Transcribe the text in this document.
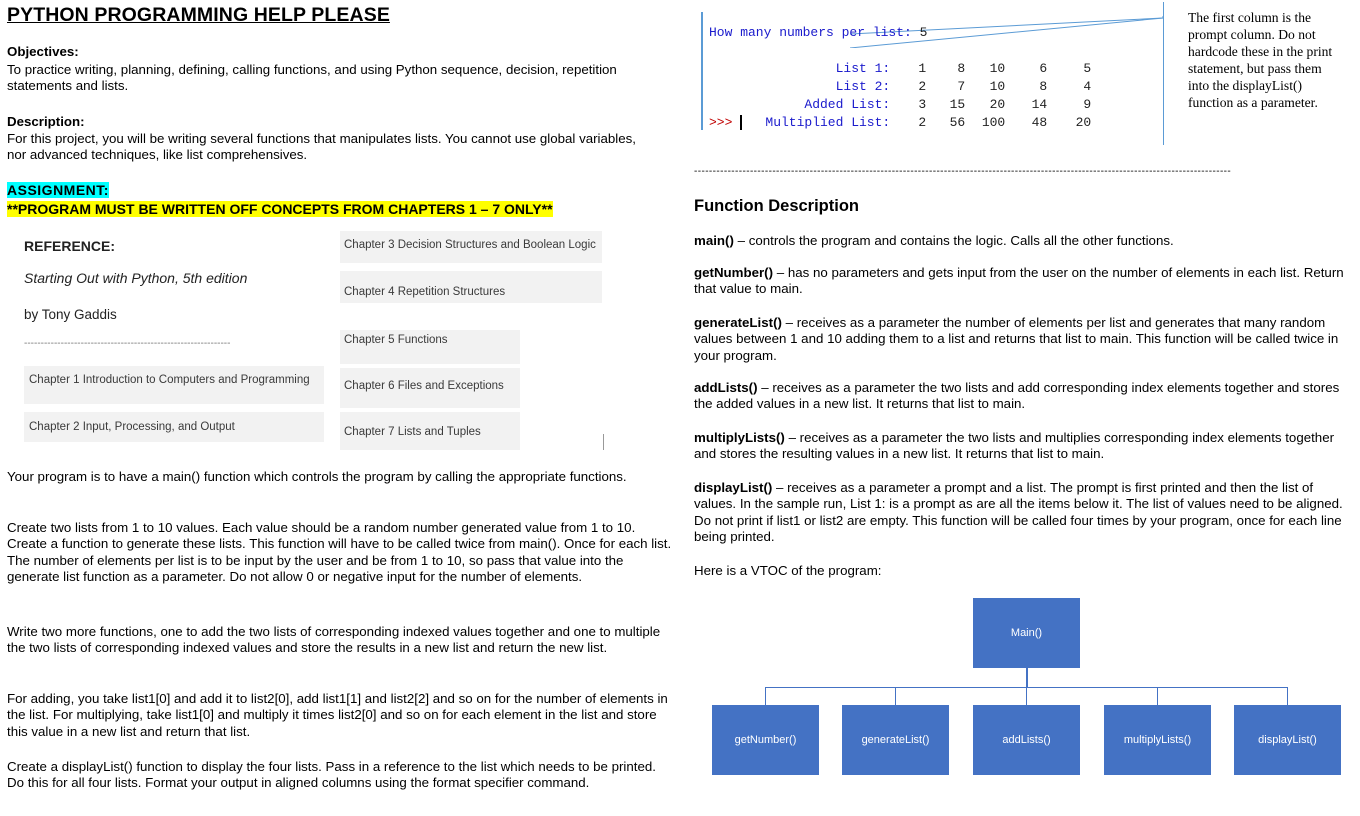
PYTHON PROGRAMMING HELP PLEASE
Objectives:
To practice writing, planning, defining, calling functions, and using Python sequence, decision, repetition statements and lists.
Description:
For this project, you will be writing several functions that manipulates lists. You cannot use global variables, nor advanced techniques, like list comprehensives.
ASSIGNMENT:
**PROGRAM MUST BE WRITTEN OFF CONCEPTS FROM CHAPTERS 1 – 7 ONLY**
REFERENCE:
Starting Out with Python, 5th edition
by Tony Gaddis
--------------------------------------------------------------
Chapter 1 Introduction to Computers and Programming
Chapter 2 Input, Processing, and Output
Chapter 3 Decision Structures and Boolean Logic
Chapter 4 Repetition Structures
Chapter 5 Functions
Chapter 6 Files and Exceptions
Chapter 7 Lists and Tuples
Your program is to have a main() function which controls the program by calling the appropriate functions.
Create two lists from 1 to 10 values. Each value should be a random number generated value from 1 to 10. Create a function to generate these lists. This function will have to be called twice from main(). Once for each list. The number of elements per list is to be input by the user and be from 1 to 10, so pass that value into the generate list function as a parameter. Do not allow 0 or negative input for the number of elements.
Write two more functions, one to add the two lists of corresponding indexed values together and one to multiple the two lists of corresponding indexed values and store the results in a new list and return the new list.
For adding, you take list1[0] and add it to list2[0], add list1[1] and list2[2] and so on for the number of elements in the list. For multiplying, take list1[0] and multiply it times list2[0] and so on for each element in the list and store this value in a new list and return that list.
Create a displayList() function to display the four lists. Pass in a reference to the list which needs to be printed. Do this for all four lists. Format your output in aligned columns using the format specifier command.
How many numbers per list: 5

List 1: 1 8 10	6	5

List 2: 2 7 10	8	4

Added List: 3 15 20 14	9

Multiplied List: 2 56 100 48 20

>>>
The first column is the prompt column. Do not hardcode these in the print statement, but pass them into the displayList() function as a parameter.
------------------------------------------------------------------------------------------------------------------------------------------------
Function Description
main() – controls the program and contains the logic. Calls all the other functions.
getNumber() – has no parameters and gets input from the user on the number of elements in each list. Return that value to main.
generateList() – receives as a parameter the number of elements per list and generates that many random values between 1 and 10 adding them to a list and returns that list to main. This function will be called twice in your program.
addLists() – receives as a parameter the two lists and add corresponding index elements together and stores the added values in a new list. It returns that list to main.
multiplyLists() – receives as a parameter the two lists and multiplies corresponding index elements together and stores the resulting values in a new list. It returns that list to main.
displayList() – receives as a parameter a prompt and a list. The prompt is first printed and then the list of values. In the sample run, List 1: is a prompt as are all the items below it. The list of values need to be aligned. Do not print if list1 or list2 are empty. This function will be called four times by your program, once for each line being printed.
Here is a VTOC of the program:
Main()
getNumber()	generateList()	addLists()	multiplyLists()	displayList()
